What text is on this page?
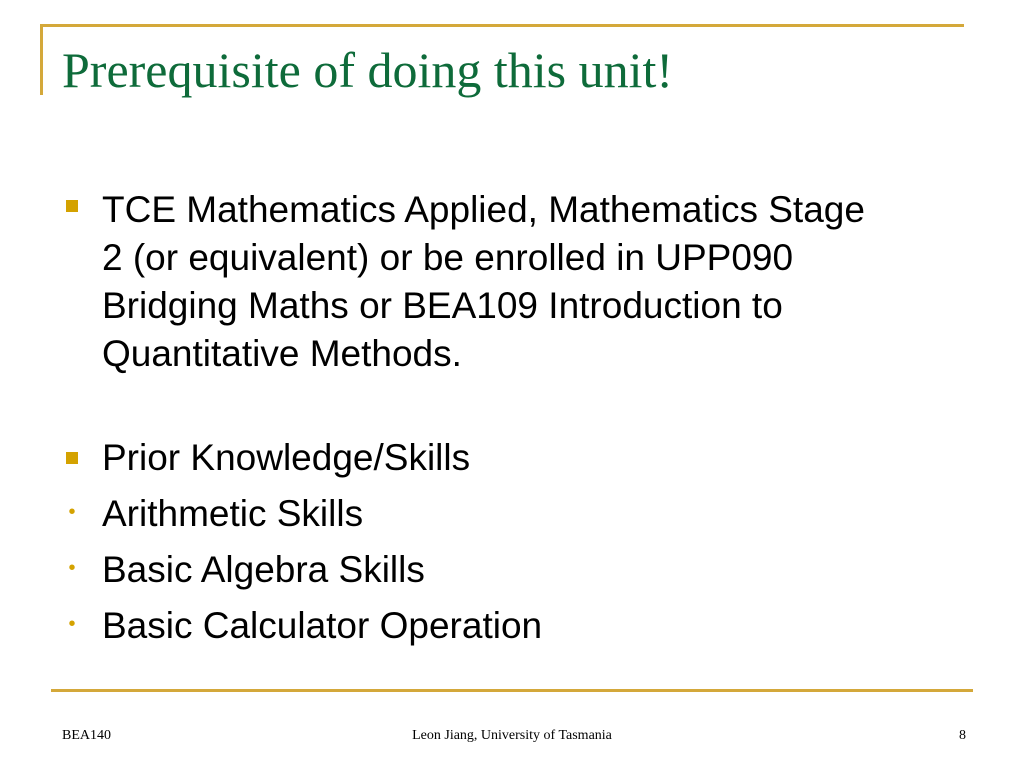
Prerequisite of doing this unit!

TCE Mathematics Applied, Mathematics Stage 2 (or equivalent) or be enrolled in UPP090 Bridging Maths or BEA109 Introduction to Quantitative Methods.

Prior Knowledge/Skills

• Arithmetic Skills

• Basic Algebra Skills

• Basic Calculator Operation

BEA140	Leon Jiang, University of Tasmania	8
